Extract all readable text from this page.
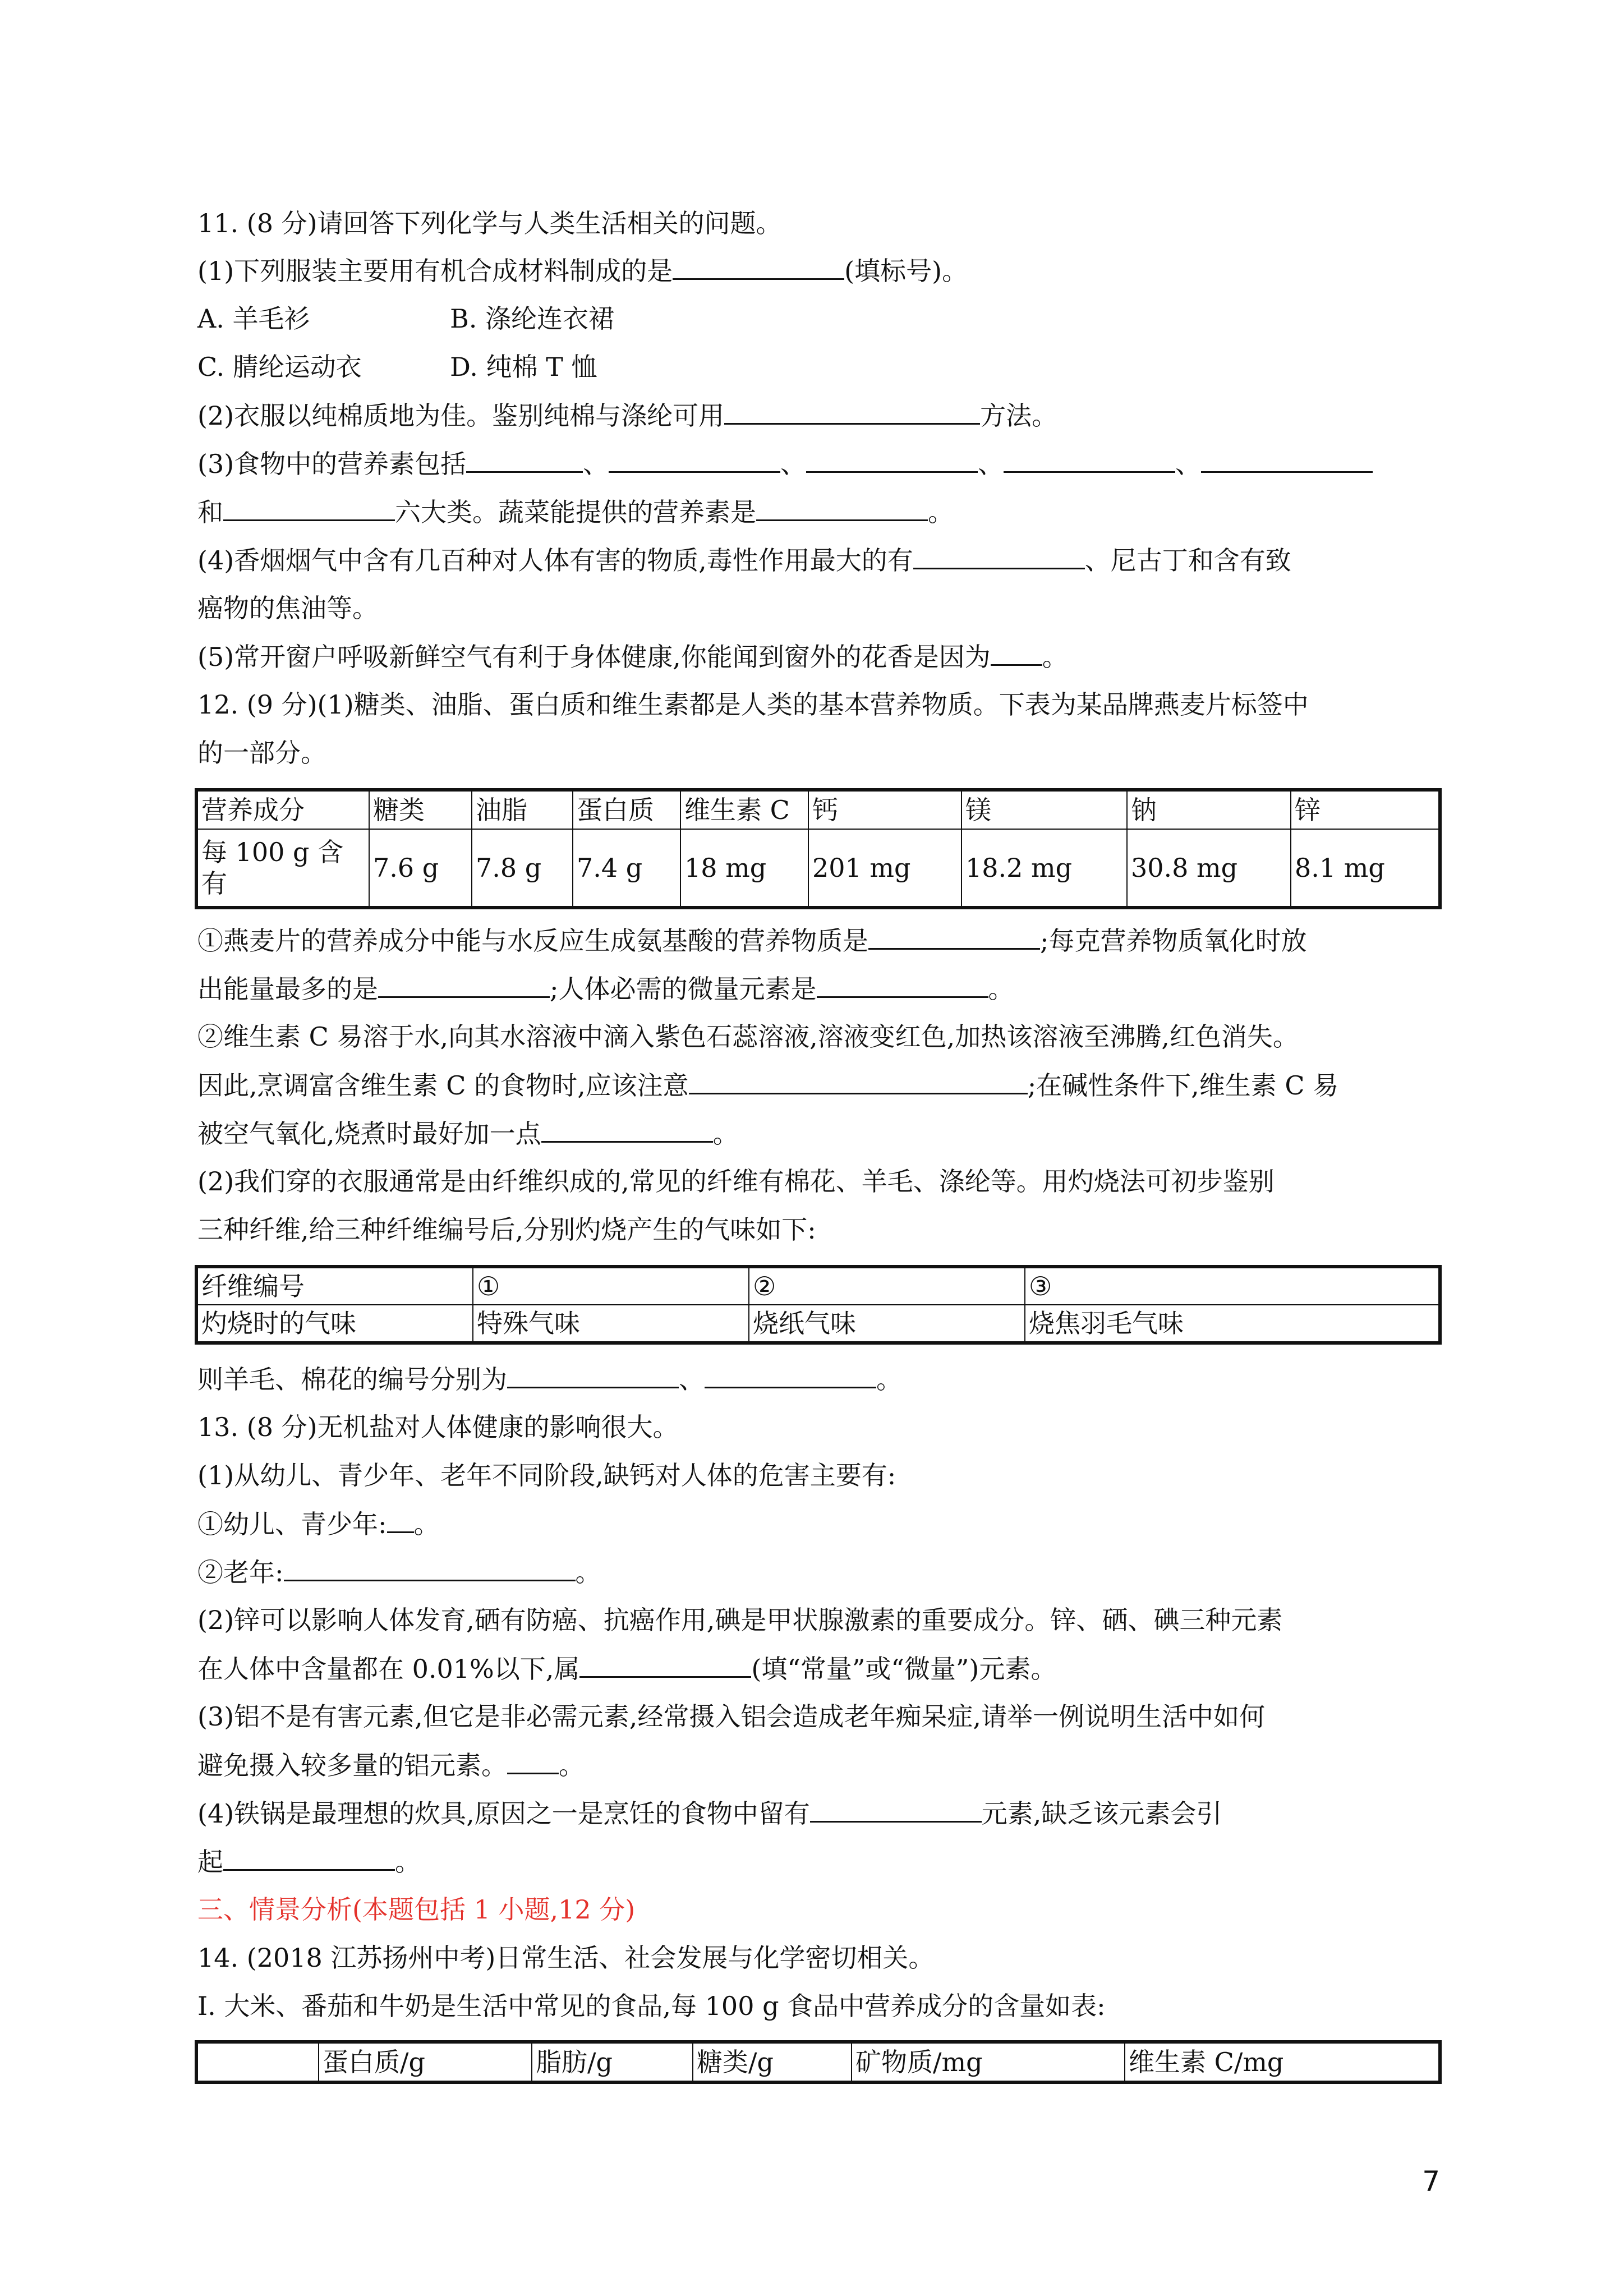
11. (8 分)请回答下列化学与人类生活相关的问题。
(1)下列服装主要用有机合成材料制成的是	(填标号)。
A. 羊毛衫	B. 涤纶连衣裙
C. 腈纶运动衣	D. 纯棉 T 恤
(2)衣服以纯棉质地为佳。鉴别纯棉与涤纶可用	方法。
(3)食物中的营养素包括	、	、	、	、
和	六大类。蔬菜能提供的营养素是	。
(4)香烟烟气中含有几百种对人体有害的物质,毒性作用最大的有	、尼古丁和含有致
癌物的焦油等。
(5)常开窗户呼吸新鲜空气有利于身体健康,你能闻到窗外的花香是因为 。
12. (9 分)(1)糖类、油脂、蛋白质和维生素都是人类的基本营养物质。下表为某品牌燕麦片标签中
的一部分。
营养成分	糖类	油脂	蛋白质	维生素 C	钙	镁	钠	锌
每 100 g 含有	7.6 g	7.8 g	7.4 g	18 mg	201 mg	18.2 mg	30.8 mg	8.1 mg
①燕麦片的营养成分中能与水反应生成氨基酸的营养物质是	;每克营养物质氧化时放
出能量最多的是	;人体必需的微量元素是	。
②维生素 C 易溶于水,向其水溶液中滴入紫色石蕊溶液,溶液变红色,加热该溶液至沸腾,红色消失。
因此,烹调富含维生素 C 的食物时,应该注意	;在碱性条件下,维生素 C 易
被空气氧化,烧煮时最好加一点	。
(2)我们穿的衣服通常是由纤维织成的,常见的纤维有棉花、羊毛、涤纶等。用灼烧法可初步鉴别
三种纤维,给三种纤维编号后,分别灼烧产生的气味如下:
纤维编号	①	②	③
灼烧时的气味	特殊气味	烧纸气味	烧焦羽毛气味
则羊毛、棉花的编号分别为	、	。
13. (8 分)无机盐对人体健康的影响很大。
(1)从幼儿、青少年、老年不同阶段,缺钙对人体的危害主要有:
①幼儿、青少年: 。
②老年:	。
(2)锌可以影响人体发育,硒有防癌、抗癌作用,碘是甲状腺激素的重要成分。锌、硒、碘三种元素
在人体中含量都在 0.01%以下,属	(填“常量”或“微量”)元素。
(3)铝不是有害元素,但它是非必需元素,经常摄入铝会造成老年痴呆症,请举一例说明生活中如何
避免摄入较多量的铝元素。 。
(4)铁锅是最理想的炊具,原因之一是烹饪的食物中留有	元素,缺乏该元素会引
起	。
三、情景分析(本题包括 1 小题,12 分)
14. (2018 江苏扬州中考)日常生活、社会发展与化学密切相关。
Ⅰ. 大米、番茄和牛奶是生活中常见的食品,每 100 g 食品中营养成分的含量如表:
	蛋白质/g	脂肪/g	糖类/g	矿物质/mg	维生素 C/mg
7
